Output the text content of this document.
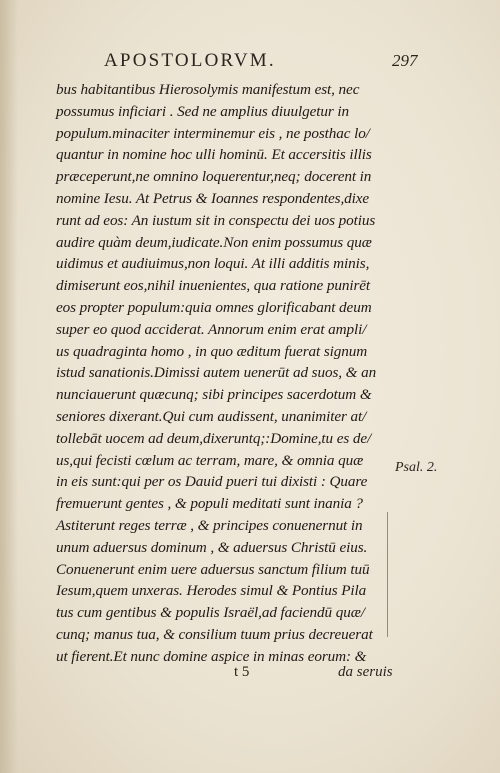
APOSTOLORVM.	297
bus habitantibus Hierosolymis manifestum est, nec
possumus inficiari . Sed ne amplius diuulgetur in
populum.minaciter interminemur eis , ne posthac lo/
quantur in nomine hoc ulli hominū. Et accersitis illis
præceperunt,ne omnino loquerentur,neq; docerent in
nomine Iesu. At Petrus & Ioannes respondentes,dixe
runt ad eos: An iustum sit in conspectu dei uos potius
audire quàm deum,iudicate.Non enim possumus quæ
uidimus et audiuimus,non loqui. At illi additis minis,
dimiserunt eos,nihil inuenientes, qua ratione punirēt
eos propter populum:quia omnes glorificabant deum
super eo quod acciderat. Annorum enim erat ampli/
us quadraginta homo , in quo æditum fuerat signum
istud sanationis.Dimissi autem uenerūt ad suos, & an
nunciauerunt quæcunq; sibi principes sacerdotum &
seniores dixerant.Qui cum audissent, unanimiter at/
tollebāt uocem ad deum,dixeruntq;:Domine,tu es de/
us,qui fecisti cœlum ac terram, mare, & omnia quæ
in eis sunt:qui per os Dauid pueri tui dixisti : Quare
fremuerunt gentes , & populi meditati sunt inania ?
Astiterunt reges terræ , & principes conuenernut in
unum aduersus dominum , & aduersus Christū eius.
Conuenerunt enim uere aduersus sanctum filium tuū
Iesum,quem unxeras. Herodes simul & Pontius Pila
tus cum gentibus & populis Israël,ad faciendū quæ/
cunq; manus tua, & consilium tuum prius decreuerat
ut fierent.Et nunc domine aspice in minas eorum: &
Psal. 2.
t 5	da seruis
